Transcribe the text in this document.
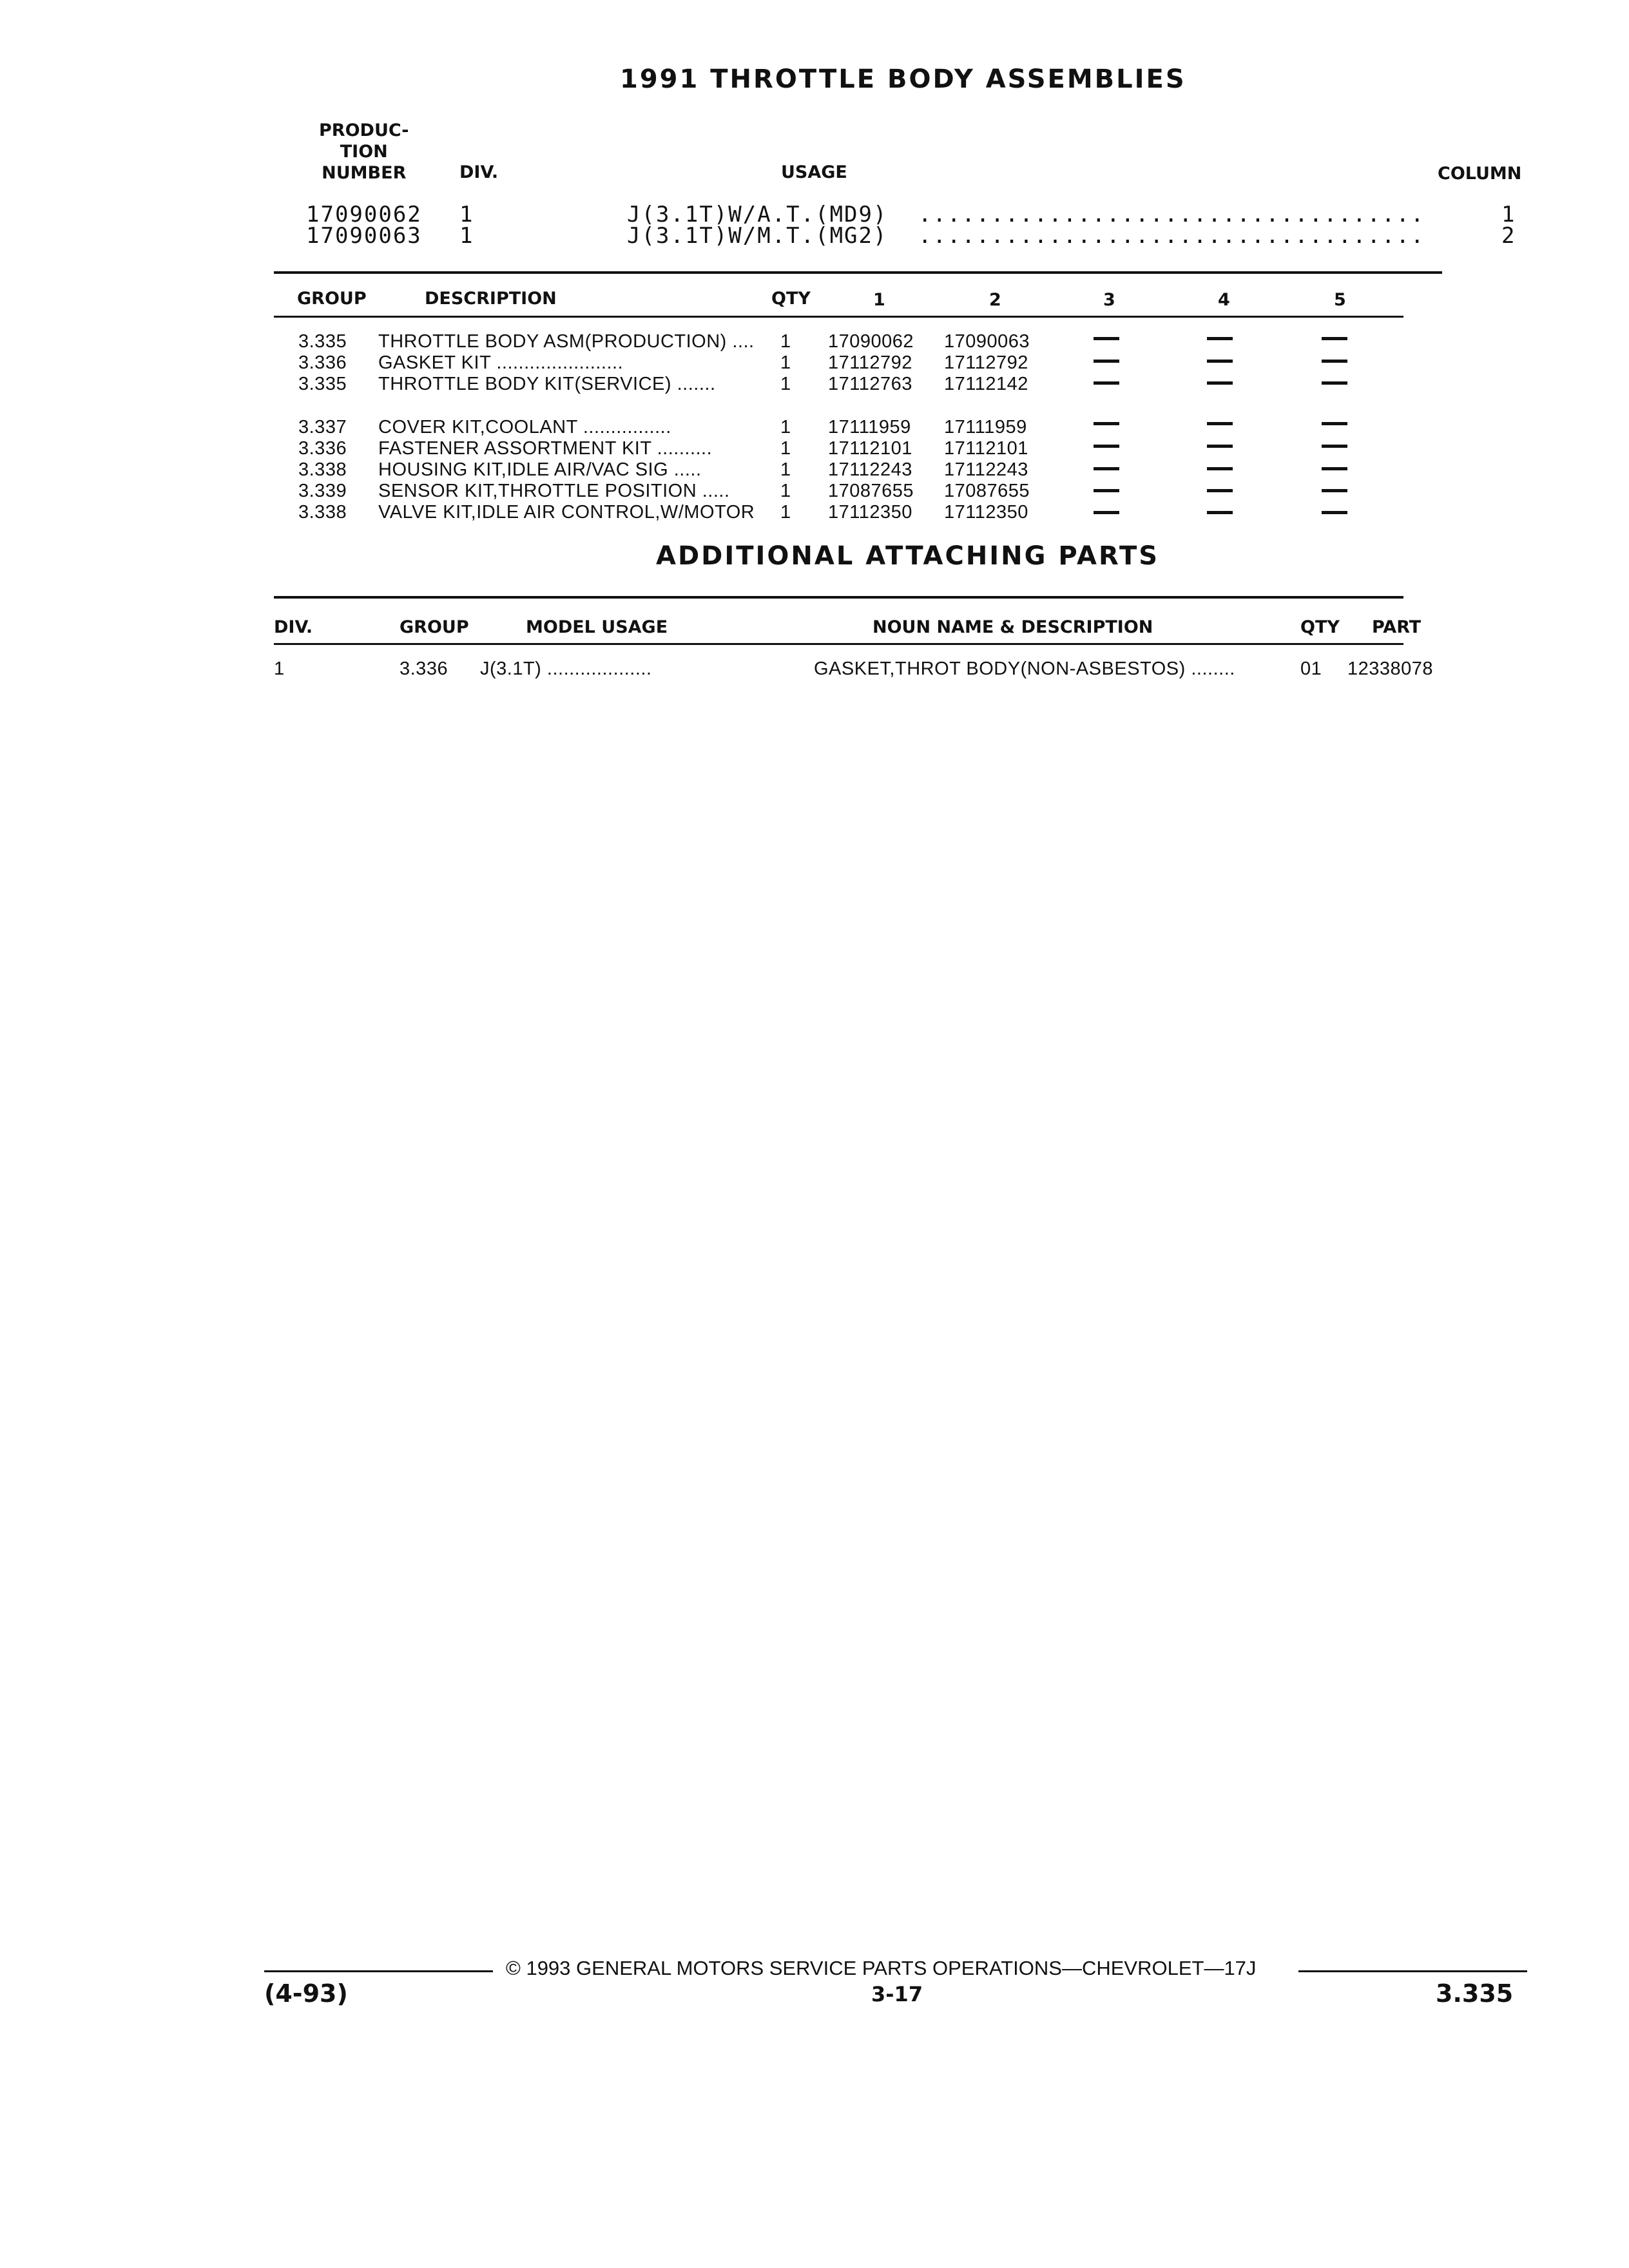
1991 THROTTLE BODY ASSEMBLIES
PRODUC-
TION
NUMBER	DIV.	USAGE	COLUMN
17090062 1	J(3.1T)W/A.T.(MD9) ...................................	1
17090063 1	J(3.1T)W/M.T.(MG2) ...................................	2
GROUP	DESCRIPTION	QTY	1	2	3	4	5
3.335 THROTTLE BODY ASM(PRODUCTION) .... 1 17090062 17090063
3.336 GASKET KIT .......................	1 17112792 17112792
3.335 THROTTLE BODY KIT(SERVICE) .......	1 17112763 17112142
3.337 COVER KIT,COOLANT ................	1 17111959 17111959
3.336 FASTENER ASSORTMENT KIT ..........	1 17112101 17112101
3.338 HOUSING KIT,IDLE AIR/VAC SIG .....	1 17112243 17112243
3.339 SENSOR KIT,THROTTLE POSITION .....	1 17087655 17087655
3.338 VALVE KIT,IDLE AIR CONTROL,W/MOTOR 1 17112350 17112350
ADDITIONAL ATTACHING PARTS
DIV.	GROUP	MODEL USAGE	NOUN NAME & DESCRIPTION	QTY PART
1	3.336 J(3.1T) ...................	GASKET,THROT BODY(NON-ASBESTOS) ........	01 12338078
© 1993 GENERAL MOTORS SERVICE PARTS OPERATIONS—CHEVROLET—17J
(4-93)	3-17	3.335
